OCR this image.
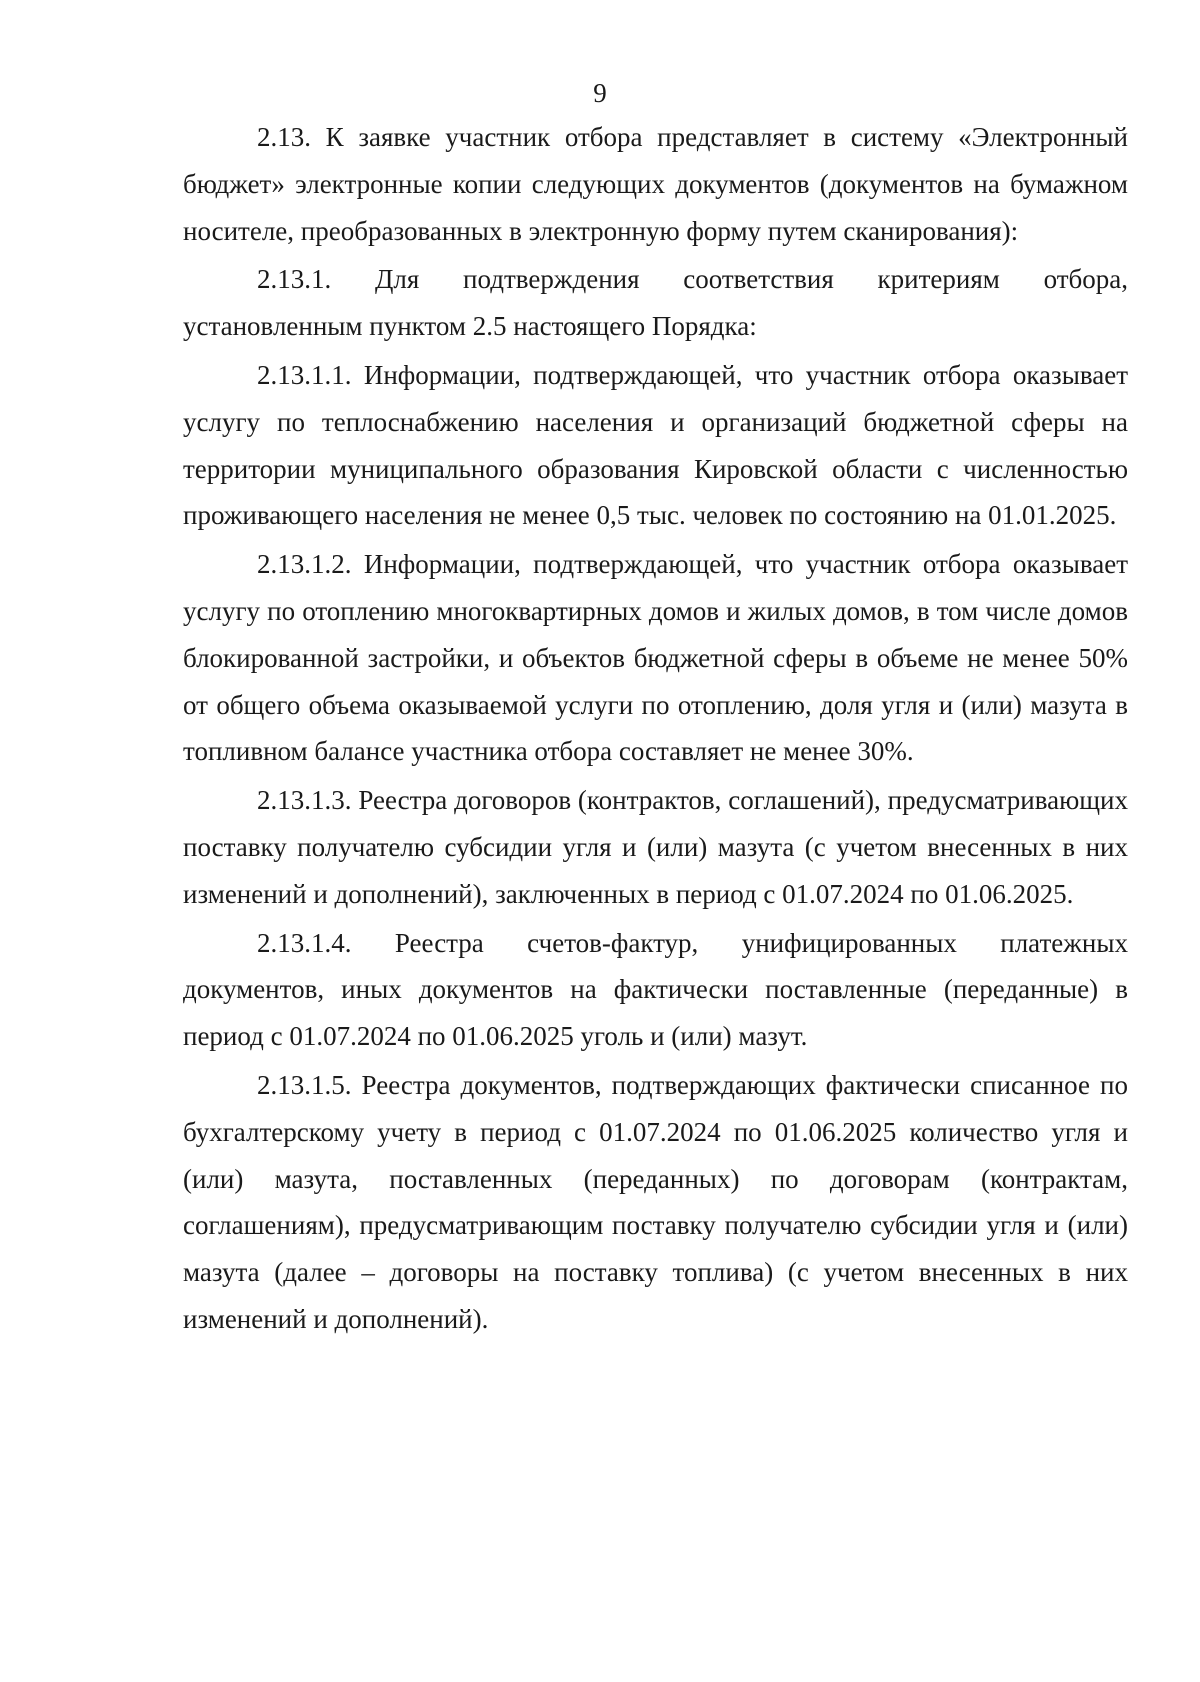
9

2.13. К заявке участник отбора представляет в систему «Электронный бюджет» электронные копии следующих документов (документов на бумажном носителе, преобразованных в электронную форму путем сканирования):

2.13.1. Для подтверждения соответствия критериям отбора, установленным пунктом 2.5 настоящего Порядка:

2.13.1.1. Информации, подтверждающей, что участник отбора оказывает услугу по теплоснабжению населения и организаций бюджетной сферы на территории муниципального образования Кировской области с численностью проживающего населения не менее 0,5 тыс. человек по состоянию на 01.01.2025.

2.13.1.2. Информации, подтверждающей, что участник отбора оказывает услугу по отоплению многоквартирных домов и жилых домов, в том числе домов блокированной застройки, и объектов бюджетной сферы в объеме не менее 50% от общего объема оказываемой услуги по отоплению, доля угля и (или) мазута в топливном балансе участника отбора составляет не менее 30%.

2.13.1.3. Реестра договоров (контрактов, соглашений), предусматривающих поставку получателю субсидии угля и (или) мазута (с учетом внесенных в них изменений и дополнений), заключенных в период с 01.07.2024 по 01.06.2025.

2.13.1.4. Реестра счетов-фактур, унифицированных платежных документов, иных документов на фактически поставленные (переданные) в период с 01.07.2024 по 01.06.2025 уголь и (или) мазут.

2.13.1.5. Реестра документов, подтверждающих фактически списанное по бухгалтерскому учету в период с 01.07.2024 по 01.06.2025 количество угля и (или) мазута, поставленных (переданных) по договорам (контрактам, соглашениям), предусматривающим поставку получателю субсидии угля и (или) мазута (далее – договоры на поставку топлива) (с учетом внесенных в них изменений и дополнений).
